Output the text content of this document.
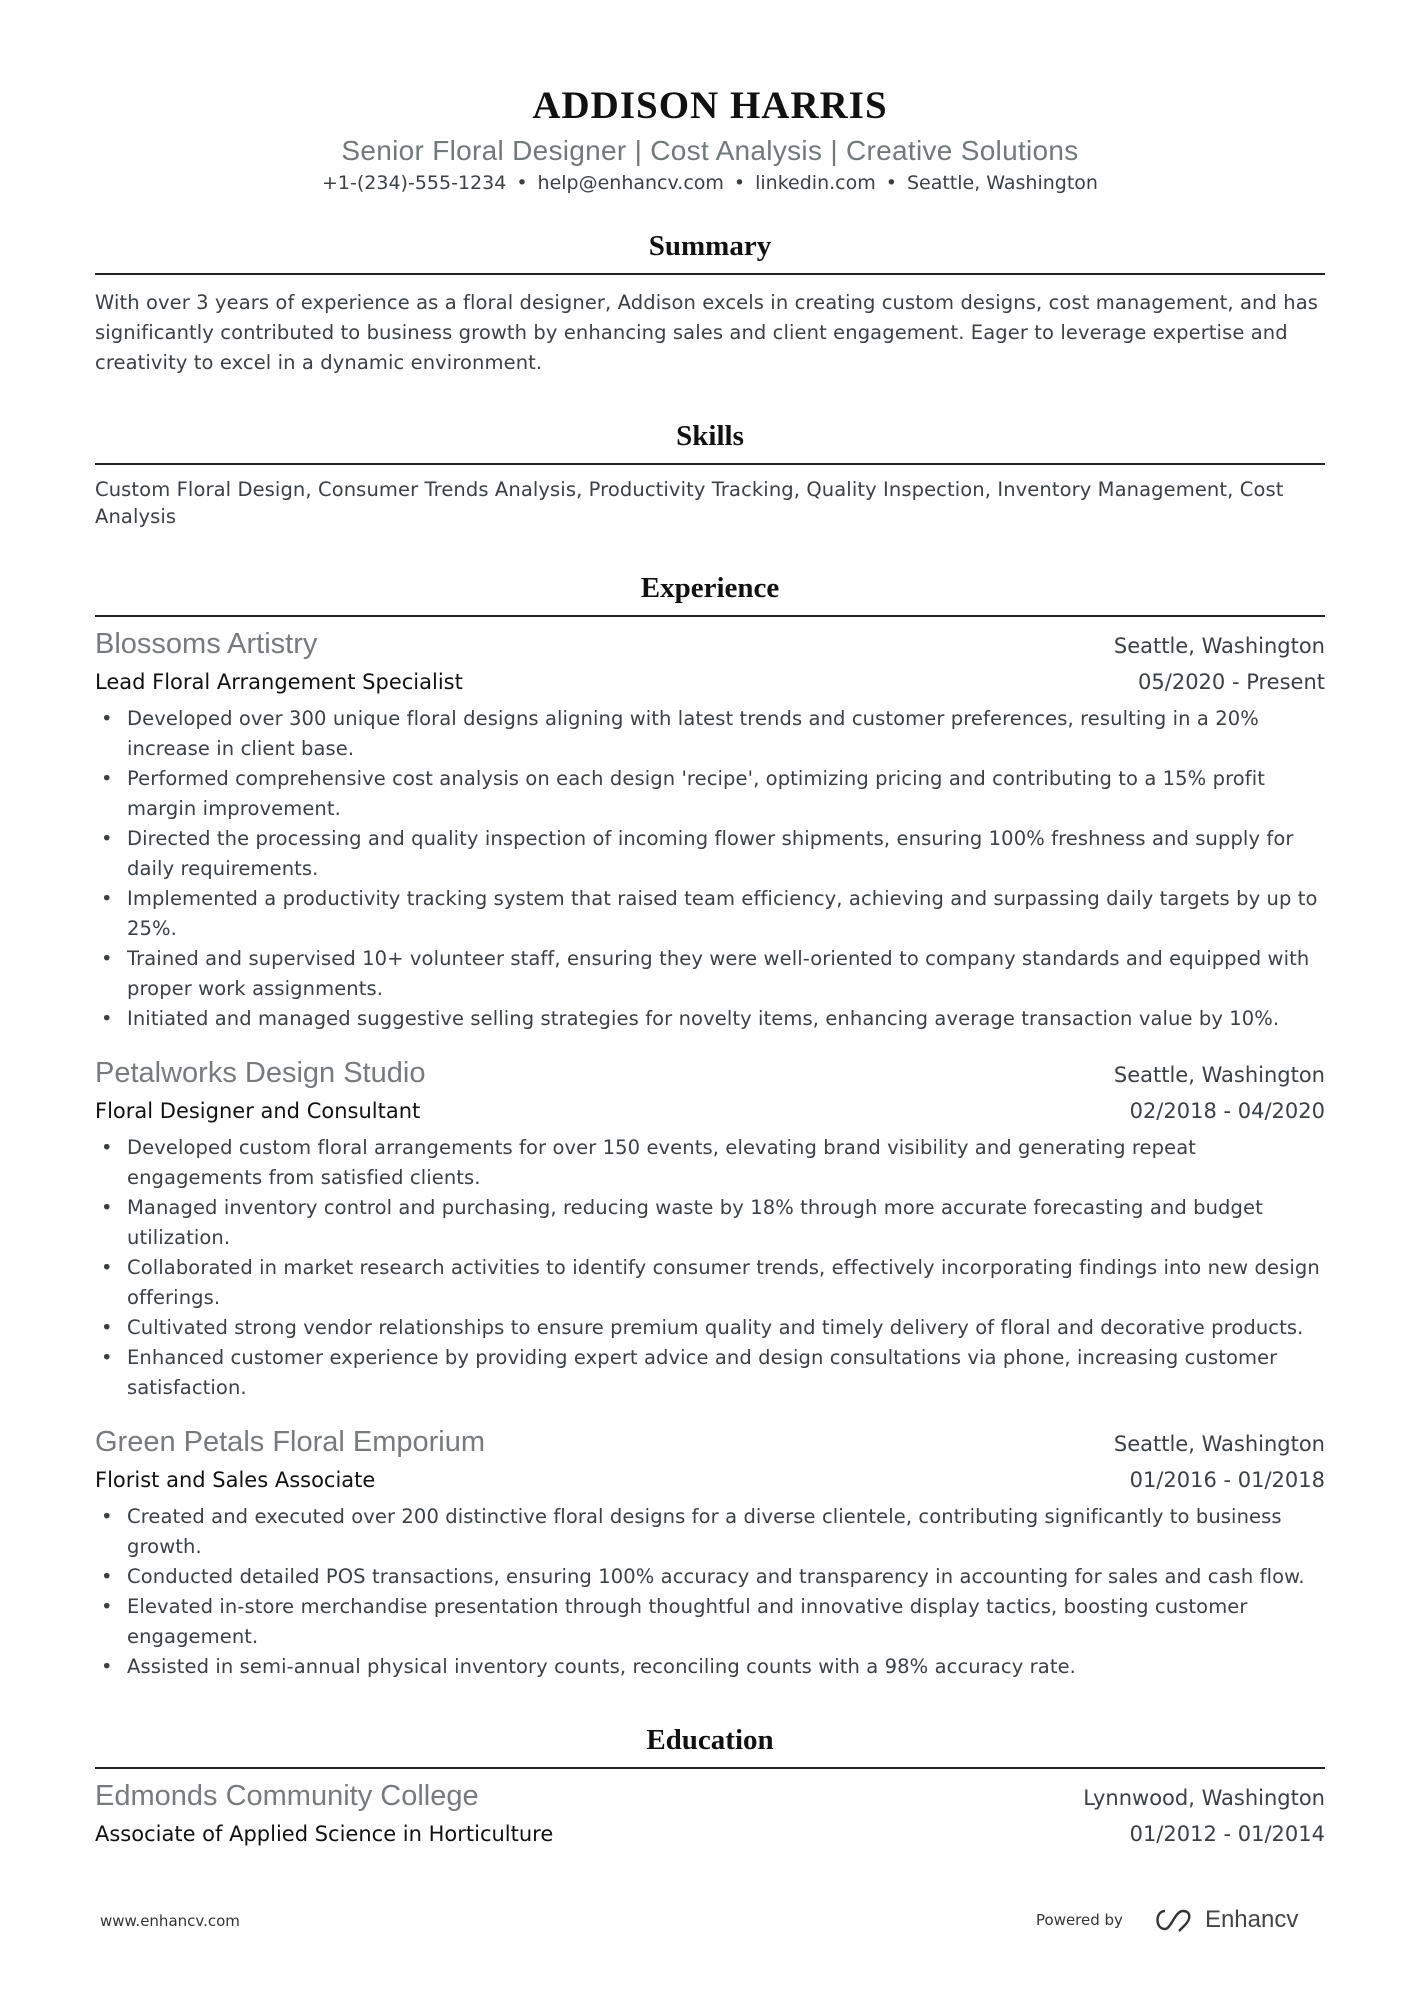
ADDISON HARRIS
Senior Floral Designer | Cost Analysis | Creative Solutions
+1-(234)-555-1234 • help@enhancv.com • linkedin.com • Seattle, Washington
Summary
With over 3 years of experience as a floral designer, Addison excels in creating custom designs, cost management, and has significantly contributed to business growth by enhancing sales and client engagement. Eager to leverage expertise and creativity to excel in a dynamic environment.
Skills
Custom Floral Design, Consumer Trends Analysis, Productivity Tracking, Quality Inspection, Inventory Management, Cost Analysis
Experience
Blossoms Artistry	Seattle, Washington
Lead Floral Arrangement Specialist	05/2020 - Present
• Developed over 300 unique floral designs aligning with latest trends and customer preferences, resulting in a 20% increase in client base.
• Performed comprehensive cost analysis on each design 'recipe', optimizing pricing and contributing to a 15% profit margin improvement.
• Directed the processing and quality inspection of incoming flower shipments, ensuring 100% freshness and supply for daily requirements.
• Implemented a productivity tracking system that raised team efficiency, achieving and surpassing daily targets by up to 25%.
• Trained and supervised 10+ volunteer staff, ensuring they were well-oriented to company standards and equipped with proper work assignments.
• Initiated and managed suggestive selling strategies for novelty items, enhancing average transaction value by 10%.
Petalworks Design Studio	Seattle, Washington
Floral Designer and Consultant	02/2018 - 04/2020
• Developed custom floral arrangements for over 150 events, elevating brand visibility and generating repeat engagements from satisfied clients.
• Managed inventory control and purchasing, reducing waste by 18% through more accurate forecasting and budget utilization.
• Collaborated in market research activities to identify consumer trends, effectively incorporating findings into new design offerings.
• Cultivated strong vendor relationships to ensure premium quality and timely delivery of floral and decorative products.
• Enhanced customer experience by providing expert advice and design consultations via phone, increasing customer satisfaction.
Green Petals Floral Emporium	Seattle, Washington
Florist and Sales Associate	01/2016 - 01/2018
• Created and executed over 200 distinctive floral designs for a diverse clientele, contributing significantly to business growth.
• Conducted detailed POS transactions, ensuring 100% accuracy and transparency in accounting for sales and cash flow.
• Elevated in-store merchandise presentation through thoughtful and innovative display tactics, boosting customer engagement.
• Assisted in semi-annual physical inventory counts, reconciling counts with a 98% accuracy rate.
Education
Edmonds Community College	Lynnwood, Washington
Associate of Applied Science in Horticulture	01/2012 - 01/2014
www.enhancv.com	Powered by	Enhancv
